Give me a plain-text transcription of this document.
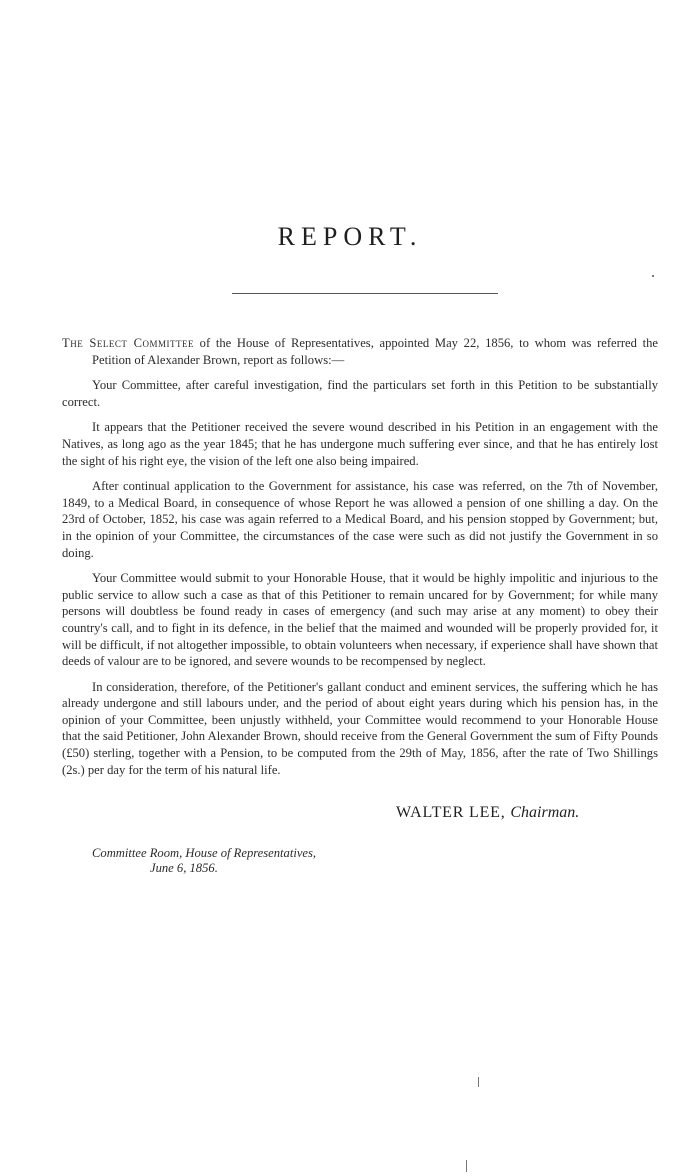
REPORT.

The Select Committee of the House of Representatives, appointed May 22, 1856, to whom was referred the Petition of Alexander Brown, report as follows:—

Your Committee, after careful investigation, find the particulars set forth in this Petition to be substantially correct.

It appears that the Petitioner received the severe wound described in his Petition in an engagement with the Natives, as long ago as the year 1845; that he has undergone much suffering ever since, and that he has entirely lost the sight of his right eye, the vision of the left one also being impaired.

After continual application to the Government for assistance, his case was referred, on the 7th of November, 1849, to a Medical Board, in consequence of whose Report he was allowed a pension of one shilling a day. On the 23rd of October, 1852, his case was again referred to a Medical Board, and his pension stopped by Government; but, in the opinion of your Committee, the circumstances of the case were such as did not justify the Government in so doing.

Your Committee would submit to your Honorable House, that it would be highly impolitic and injurious to the public service to allow such a case as that of this Petitioner to remain uncared for by Government; for while many persons will doubtless be found ready in cases of emergency (and such may arise at any moment) to obey their country's call, and to fight in its defence, in the belief that the maimed and wounded will be properly provided for, it will be difficult, if not altogether impossible, to obtain volunteers when necessary, if experience shall have shown that deeds of valour are to be ignored, and severe wounds to be recompensed by neglect.

In consideration, therefore, of the Petitioner's gallant conduct and eminent services, the suffering which he has already undergone and still labours under, and the period of about eight years during which his pension has, in the opinion of your Committee, been unjustly withheld, your Committee would recommend to your Honorable House that the said Petitioner, John Alexander Brown, should receive from the General Government the sum of Fifty Pounds (£50) sterling, together with a Pension, to be computed from the 29th of May, 1856, after the rate of Two Shillings (2s.) per day for the term of his natural life.

WALTER LEE, Chairman.
Committee Room, House of Representatives,
June 6, 1856.
